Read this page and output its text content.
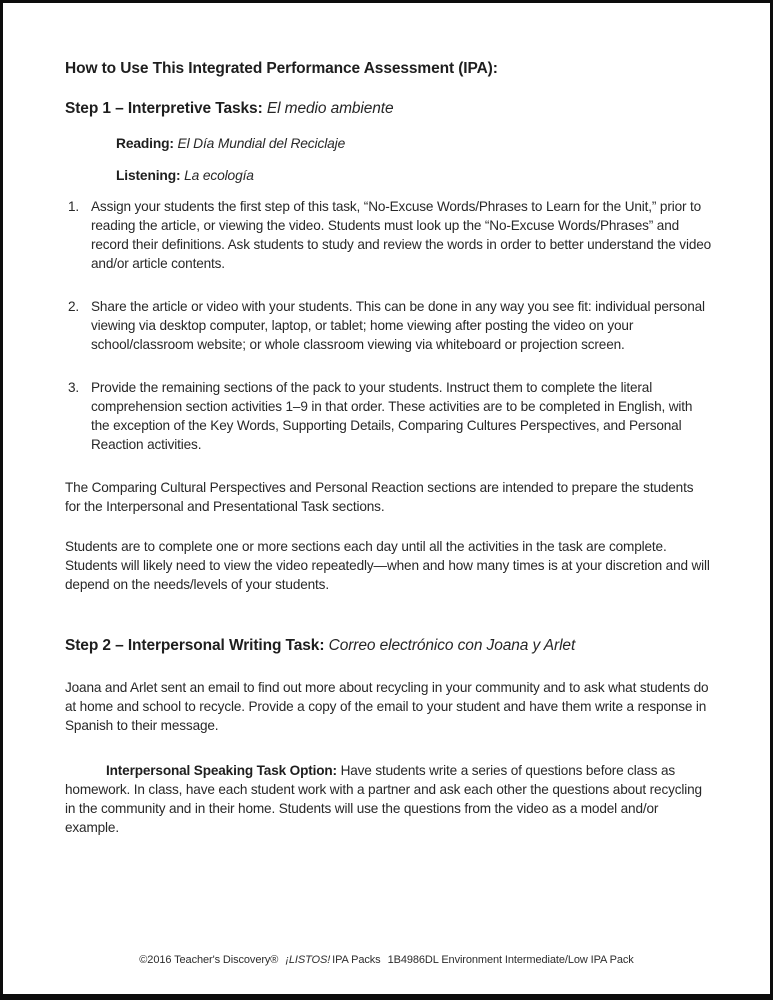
How to Use This Integrated Performance Assessment (IPA):
Step 1 – Interpretive Tasks: El medio ambiente
Reading: El Día Mundial del Reciclaje
Listening: La ecología
1. Assign your students the first step of this task, “No-Excuse Words/Phrases to Learn for the Unit,” prior to reading the article, or viewing the video. Students must look up the “No-Excuse Words/Phrases” and record their definitions. Ask students to study and review the words in order to better understand the video and/or article contents.
2. Share the article or video with your students. This can be done in any way you see fit: individual personal viewing via desktop computer, laptop, or tablet; home viewing after posting the video on your school/classroom website; or whole classroom viewing via whiteboard or projection screen.
3. Provide the remaining sections of the pack to your students. Instruct them to complete the literal comprehension section activities 1–9 in that order. These activities are to be completed in English, with the exception of the Key Words, Supporting Details, Comparing Cultures Perspectives, and Personal Reaction activities.

The Comparing Cultural Perspectives and Personal Reaction sections are intended to prepare the students for the Interpersonal and Presentational Task sections.

Students are to complete one or more sections each day until all the activities in the task are complete. Students will likely need to view the video repeatedly—when and how many times is at your discretion and will depend on the needs/levels of your students.

Step 2 – Interpersonal Writing Task: Correo electrónico con Joana y Arlet

Joana and Arlet sent an email to find out more about recycling in your community and to ask what students do at home and school to recycle. Provide a copy of the email to your student and have them write a response in Spanish to their message.

Interpersonal Speaking Task Option: Have students write a series of questions before class as homework. In class, have each student work with a partner and ask each other the questions about recycling in the community and in their home. Students will use the questions from the video as a model and/or example.

©2016 Teacher's Discovery® ¡LISTOS! IPA Packs 1B4986DL Environment Intermediate/Low IPA Pack
